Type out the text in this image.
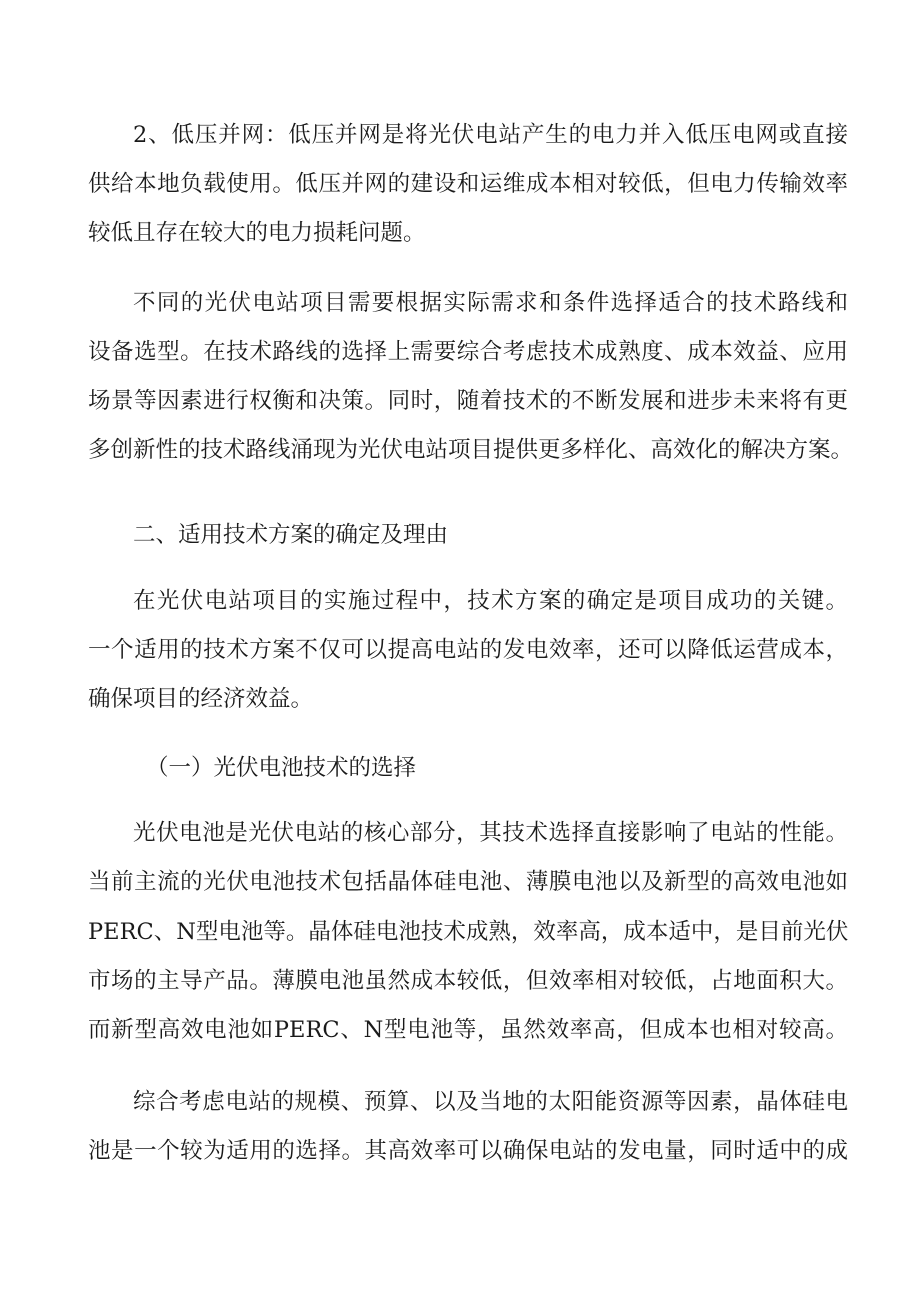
2、低压并网：低压并网是将光伏电站产生的电力并入低压电网或直接
供给本地负载使用。低压并网的建设和运维成本相对较低，但电力传输效率
较低且存在较大的电力损耗问题。
不同的光伏电站项目需要根据实际需求和条件选择适合的技术路线和
设备选型。在技术路线的选择上需要综合考虑技术成熟度、成本效益、应用
场景等因素进行权衡和决策。同时，随着技术的不断发展和进步未来将有更
多创新性的技术路线涌现为光伏电站项目提供更多样化、高效化的解决方案。
二、适用技术方案的确定及理由
在光伏电站项目的实施过程中，技术方案的确定是项目成功的关键。
一个适用的技术方案不仅可以提高电站的发电效率，还可以降低运营成本，
确保项目的经济效益。
（一）光伏电池技术的选择
光伏电池是光伏电站的核心部分，其技术选择直接影响了电站的性能。
当前主流的光伏电池技术包括晶体硅电池、薄膜电池以及新型的高效电池如
PERC、N型电池等。晶体硅电池技术成熟，效率高，成本适中，是目前光伏
市场的主导产品。薄膜电池虽然成本较低，但效率相对较低，占地面积大。
而新型高效电池如PERC、N型电池等，虽然效率高，但成本也相对较高。
综合考虑电站的规模、预算、以及当地的太阳能资源等因素，晶体硅电
池是一个较为适用的选择。其高效率可以确保电站的发电量，同时适中的成
